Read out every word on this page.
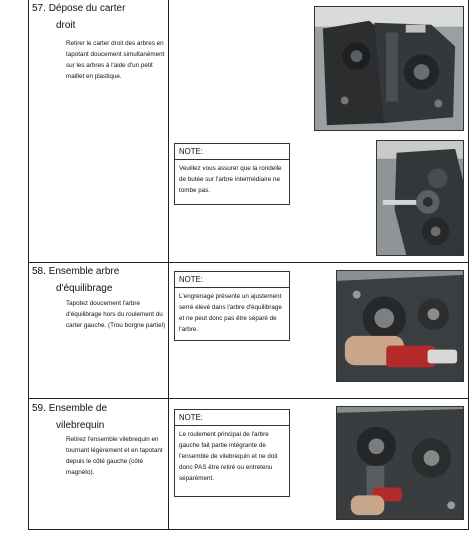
57. Dépose du carter
droit
Retirer le carter droit des arbres en tapotant doucement simultanément sur les arbres à l'aide d'un petit maillet en plastique.
NOTE:
Veuillez vous assurer que la rondelle de butée sur l'arbre intermédiaire ne tombe pas.
58. Ensemble arbre
d'équilibrage
Tapotez doucement l'arbre d'équilibrage hors du roulement du carter gauche. (Trou borgne partiel)
NOTE:
L'engrenage présente un ajustement serré élevé dans l'arbre d'équilibrage et ne peut donc pas être séparé de l'arbre.
59. Ensemble de
vilebrequin
Retirez l'ensemble vilebrequin en tournant légèrement et en tapotant depuis le côté gauche (côté magnéto).
NOTE:
Le roulement principal de l'arbre gauche fait partie intégrante de l'ensemble de vilebrequin et ne doit donc PAS être retiré ou entretenu séparément.
